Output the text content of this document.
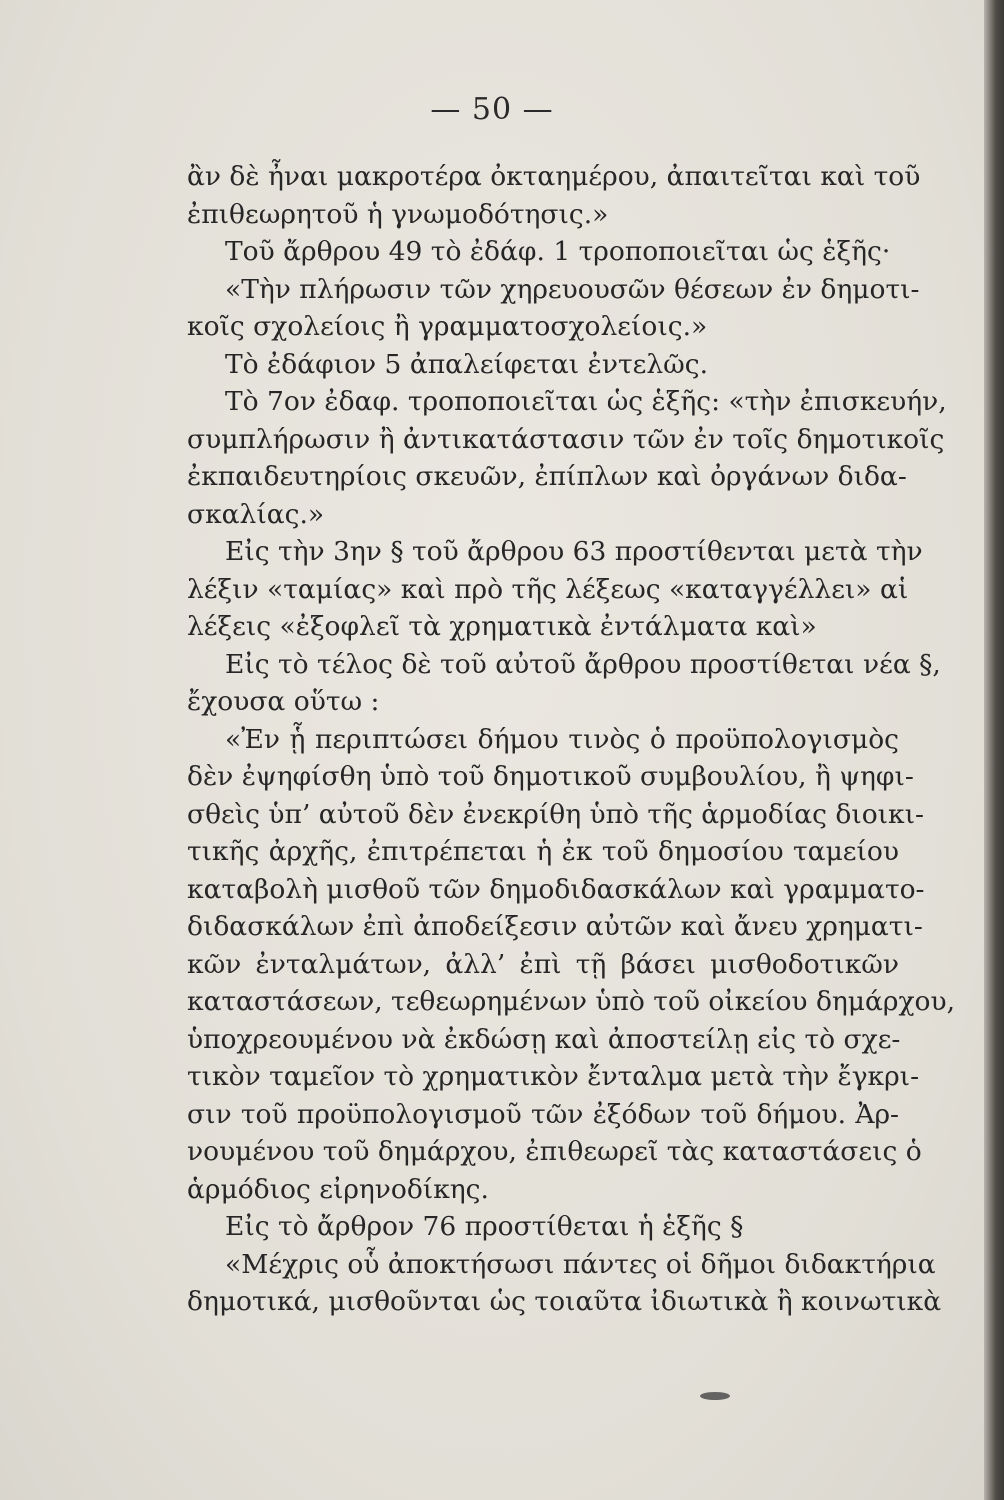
— 50 —
ἂν δὲ ἦναι μακροτέρα ὀκταημέρου, ἀπαιτεῖται καὶ τοῦ
ἐπιθεωρητοῦ ἡ γνωμοδότησις.»
Τοῦ ἄρθρου 49 τὸ ἐδάφ. 1 τροποποιεῖται ὡς ἑξῆς·
«Τὴν πλήρωσιν τῶν χηρευουσῶν θέσεων ἐν δημοτι-
κοῖς σχολείοις ἢ γραμματοσχολείοις.»
Τὸ ἐδάφιον 5 ἀπαλείφεται ἐντελῶς.
Τὸ 7ον ἐδαφ. τροποποιεῖται ὡς ἑξῆς: «τὴν ἐπισκευήν,
συμπλήρωσιν ἢ ἀντικατάστασιν τῶν ἐν τοῖς δημοτικοῖς
ἐκπαιδευτηρίοις σκευῶν, ἐπίπλων καὶ ὀργάνων διδα-
σκαλίας.»
Εἰς τὴν 3ην § τοῦ ἄρθρου 63 προστίθενται μετὰ τὴν
λέξιν «ταμίας» καὶ πρὸ τῆς λέξεως «καταγγέλλει» αἱ
λέξεις «ἐξοφλεῖ τὰ χρηματικὰ ἐντάλματα καὶ»
Εἰς τὸ τέλος δὲ τοῦ αὐτοῦ ἄρθρου προστίθεται νέα §,
ἔχουσα οὕτω :
«Ἐν ᾗ περιπτώσει δήμου τινὸς ὁ προϋπολογισμὸς
δὲν ἐψηφίσθη ὑπὸ τοῦ δημοτικοῦ συμβουλίου, ἢ ψηφι-
σθεὶς ὑπ’ αὐτοῦ δὲν ἐνεκρίθη ὑπὸ τῆς ἁρμοδίας διοικι-
τικῆς ἀρχῆς, ἐπιτρέπεται ἡ ἐκ τοῦ δημοσίου ταμείου
καταβολὴ μισθοῦ τῶν δημοδιδασκάλων καὶ γραμματο-
διδασκάλων ἐπὶ ἀποδείξεσιν αὐτῶν καὶ ἄνευ χρηματι-
κῶν ἐνταλμάτων, ἀλλ’ ἐπὶ τῇ βάσει μισθοδοτικῶν
καταστάσεων, τεθεωρημένων ὑπὸ τοῦ οἰκείου δημάρχου,
ὑποχρεουμένου νὰ ἐκδώσῃ καὶ ἀποστείλῃ εἰς τὸ σχε-
τικὸν ταμεῖον τὸ χρηματικὸν ἔνταλμα μετὰ τὴν ἔγκρι-
σιν τοῦ προϋπολογισμοῦ τῶν ἐξόδων τοῦ δήμου. Ἀρ-
νουμένου τοῦ δημάρχου, ἐπιθεωρεῖ τὰς καταστάσεις ὁ
ἁρμόδιος εἰρηνοδίκης.
Εἰς τὸ ἄρθρον 76 προστίθεται ἡ ἑξῆς §
«Μέχρις οὗ ἀποκτήσωσι πάντες οἱ δῆμοι διδακτήρια
δημοτικά, μισθοῦνται ὡς τοιαῦτα ἰδιωτικὰ ἢ κοινωτικὰ
